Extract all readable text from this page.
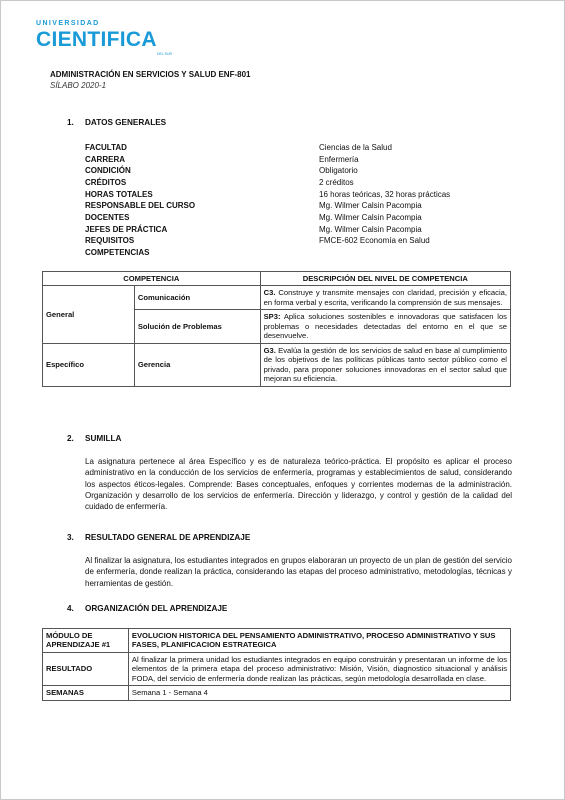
UNIVERSIDAD
CIENTIFICA
DEL SUR
ADMINISTRACIÓN EN SERVICIOS Y SALUD ENF-801
SÍLABO 2020-1
1. DATOS GENERALES
FACULTAD	Ciencias de la Salud
CARRERA	Enfermería
CONDICIÓN	Obligatorio
CRÉDITOS	2 créditos
HORAS TOTALES	16 horas teóricas, 32 horas prácticas
RESPONSABLE DEL CURSO	Mg. Wilmer Calsin Pacompia
DOCENTES	Mg. Wilmer Calsin Pacompia
JEFES DE PRÁCTICA	Mg. Wilmer Calsin Pacompia
REQUISITOS	FMCE-602 Economía en Salud
COMPETENCIAS
COMPETENCIA		DESCRIPCIÓN DEL NIVEL DE COMPETENCIA
General	Comunicación	C3. Construye y transmite mensajes con claridad, precisión y eficacia, en forma verbal y escrita, verificando la comprensión de sus mensajes.
	Solución de Problemas	SP3: Aplica soluciones sostenibles e innovadoras que satisfacen los problemas o necesidades detectadas del entorno en el que se desenvuelve.
Específico	Gerencia	G3. Evalúa la gestión de los servicios de salud en base al cumplimiento de los objetivos de las políticas públicas tanto sector público como el privado, para proponer soluciones innovadoras en el sector salud que mejoran su eficiencia.
2. SUMILLA
La asignatura pertenece al área Específico y es de naturaleza teórico-práctica. El propósito es aplicar el proceso administrativo en la conducción de los servicios de enfermería, programas y establecimientos de salud, considerando los aspectos éticos-legales. Comprende: Bases conceptuales, enfoques y corrientes modernas de la administración. Organización y desarrollo de los servicios de enfermería. Dirección y liderazgo, y control y gestión de la calidad del cuidado de enfermería.
3. RESULTADO GENERAL DE APRENDIZAJE
Al finalizar la asignatura, los estudiantes integrados en grupos elaboraran un proyecto de un plan de gestión del servicio de enfermería, donde realizan la práctica, considerando las etapas del proceso administrativo, metodologías, técnicas y herramientas de gestión.
4. ORGANIZACIÓN DEL APRENDIZAJE
MÓDULO DE APRENDIZAJE #1	EVOLUCION HISTORICA DEL PENSAMIENTO ADMINISTRATIVO, PROCESO ADMINISTRATIVO Y SUS FASES, PLANIFICACION ESTRATEGICA
RESULTADO	Al finalizar la primera unidad los estudiantes integrados en equipo construirán y presentaran un informe de los elementos de la primera etapa del proceso administrativo: Misión, Visión, diagnostico situacional y análisis FODA, del servicio de enfermería donde realizan las prácticas, según metodología desarrollada en clase.
SEMANAS	Semana 1 - Semana 4
